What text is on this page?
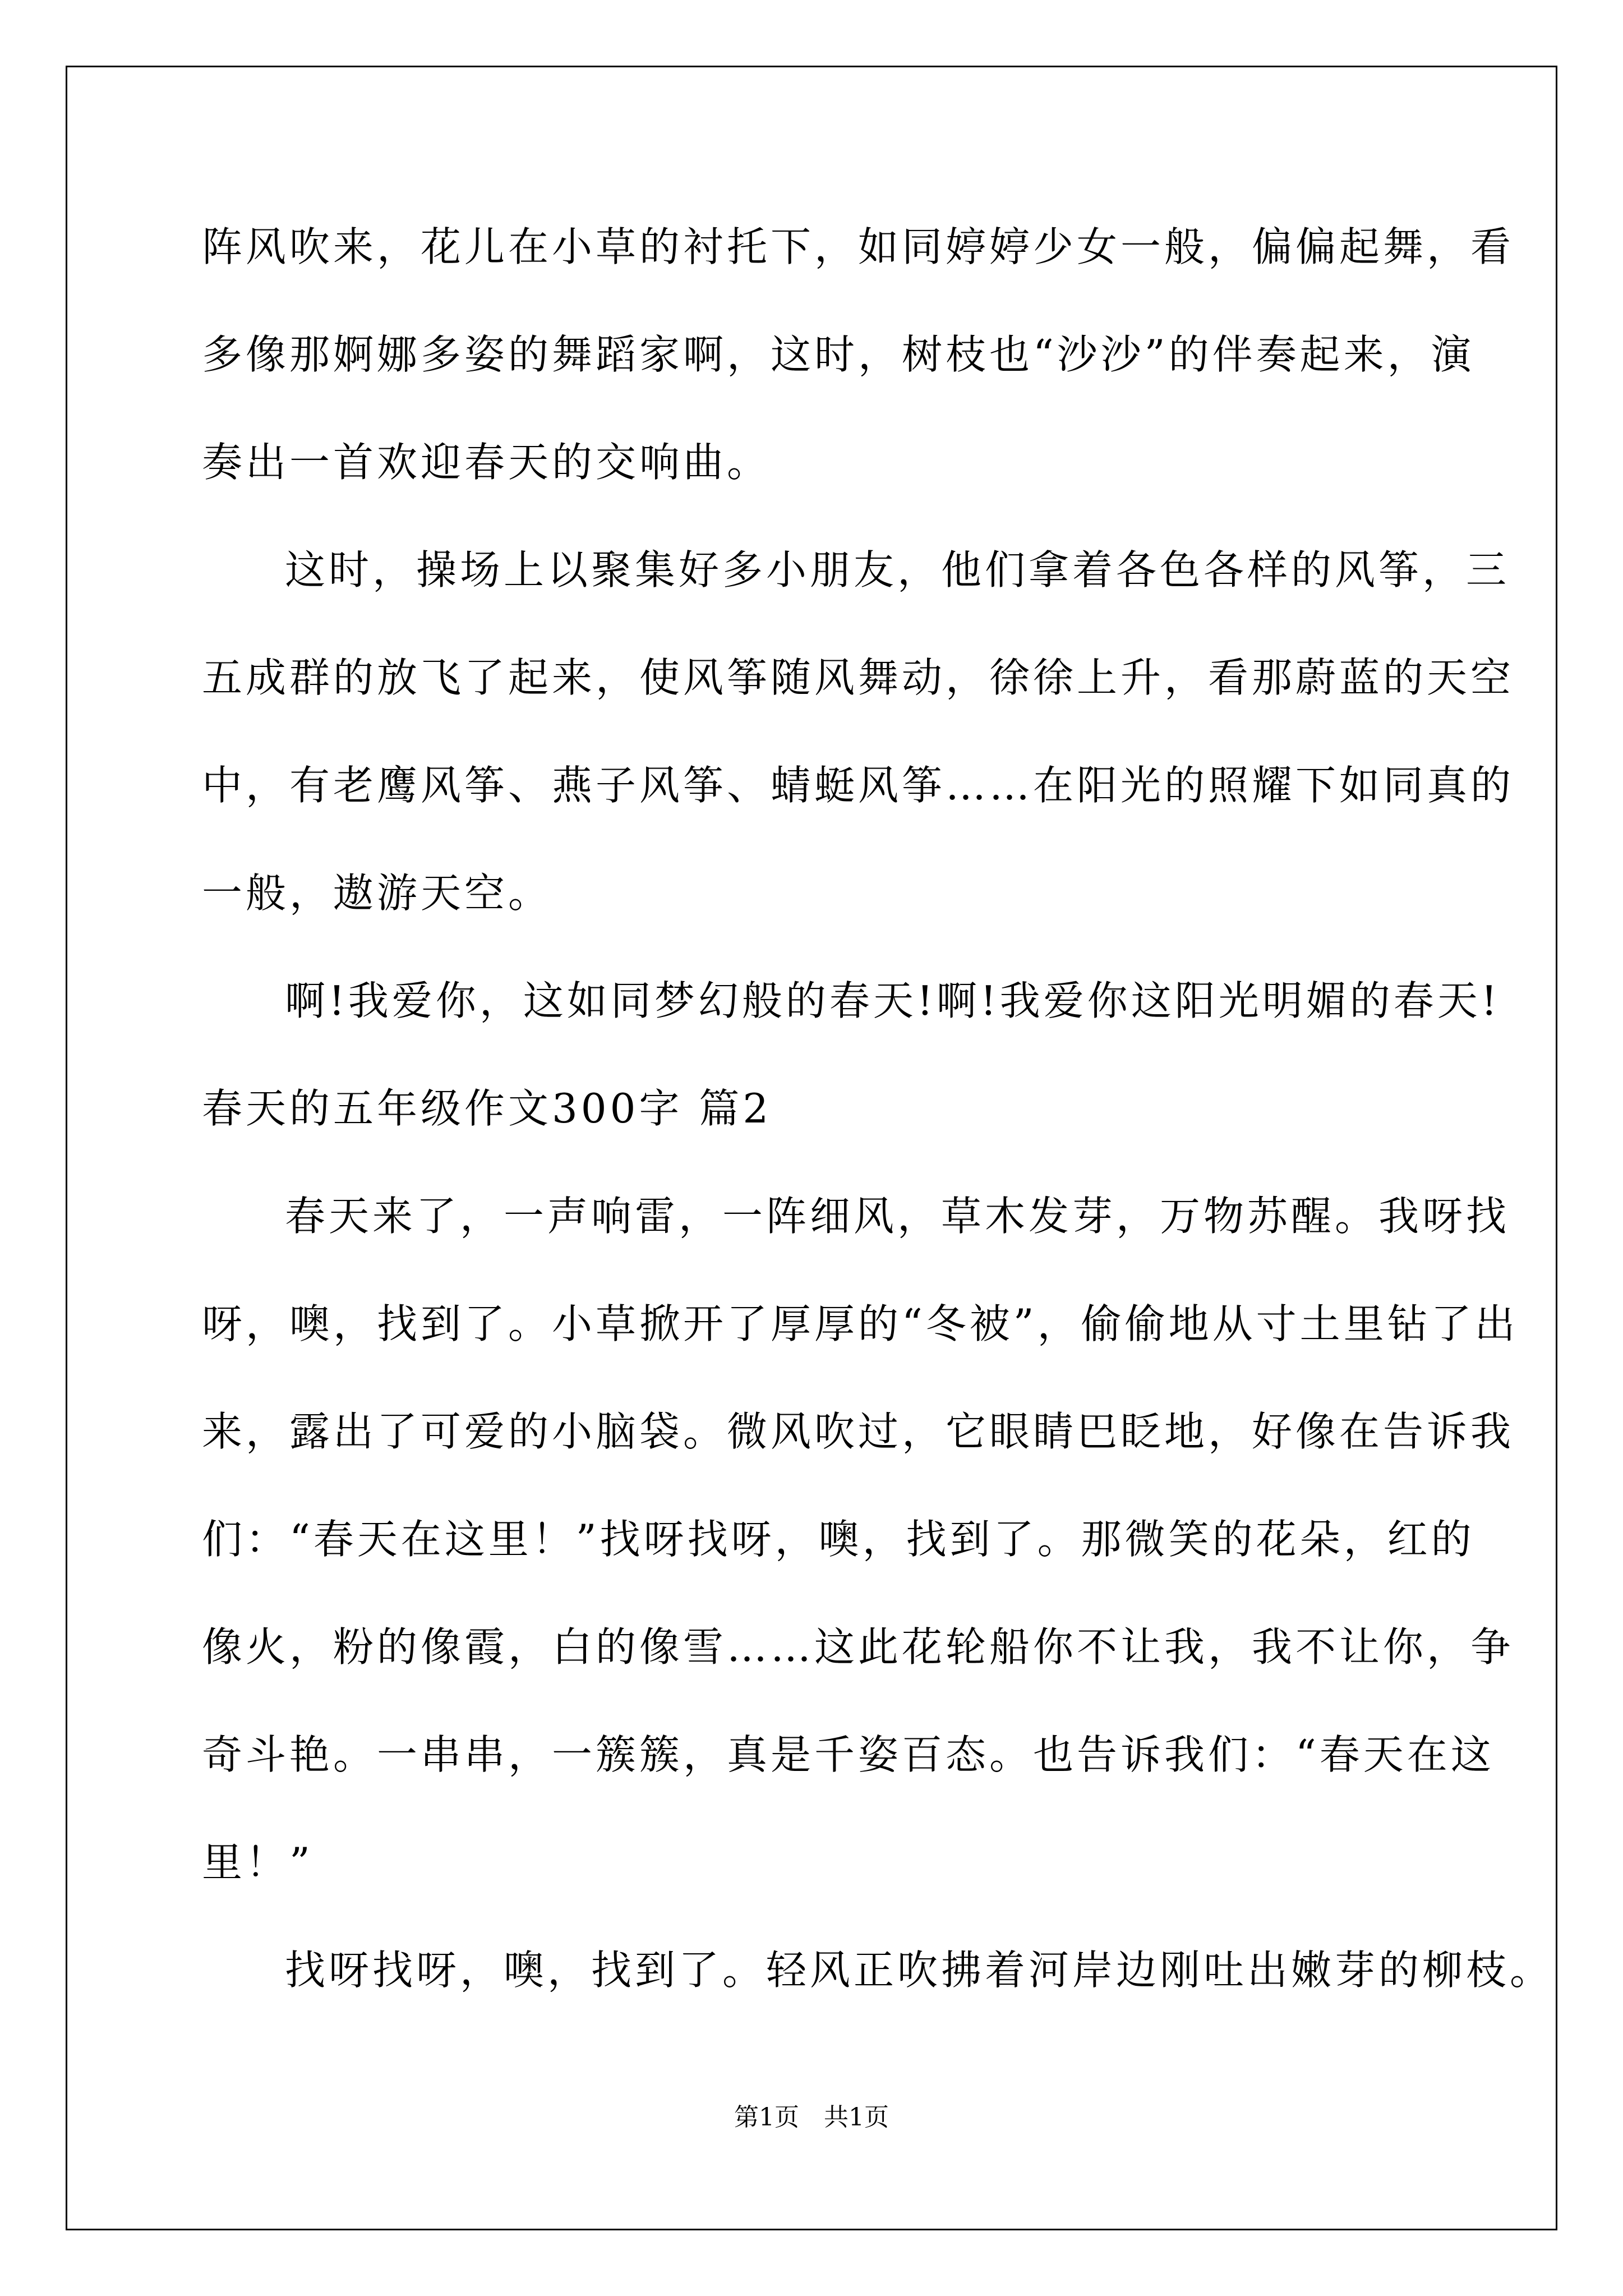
阵风吹来，花儿在小草的衬托下，如同婷婷少女一般，偏偏起舞，看
多像那婀娜多姿的舞蹈家啊，这时，树枝也“沙沙”的伴奏起来，演
奏出一首欢迎春天的交响曲。
这时，操场上以聚集好多小朋友，他们拿着各色各样的风筝，三
五成群的放飞了起来，使风筝随风舞动，徐徐上升，看那蔚蓝的天空
中，有老鹰风筝、燕子风筝、蜻蜓风筝……在阳光的照耀下如同真的
一般，遨游天空。
啊!我爱你，这如同梦幻般的春天!啊!我爱你这阳光明媚的春天!
春天的五年级作文300字 篇2
春天来了，一声响雷，一阵细风，草木发芽，万物苏醒。我呀找
呀，噢，找到了。小草掀开了厚厚的“冬被”，偷偷地从寸土里钻了出
来，露出了可爱的小脑袋。微风吹过，它眼睛巴眨地，好像在告诉我
们：“春天在这里！”找呀找呀，噢，找到了。那微笑的花朵，红的
像火，粉的像霞，白的像雪……这此花轮船你不让我，我不让你，争
奇斗艳。一串串，一簇簇，真是千姿百态。也告诉我们：“春天在这
里！”
找呀找呀，噢，找到了。轻风正吹拂着河岸边刚吐出嫩芽的柳枝。
第1页　共1页
